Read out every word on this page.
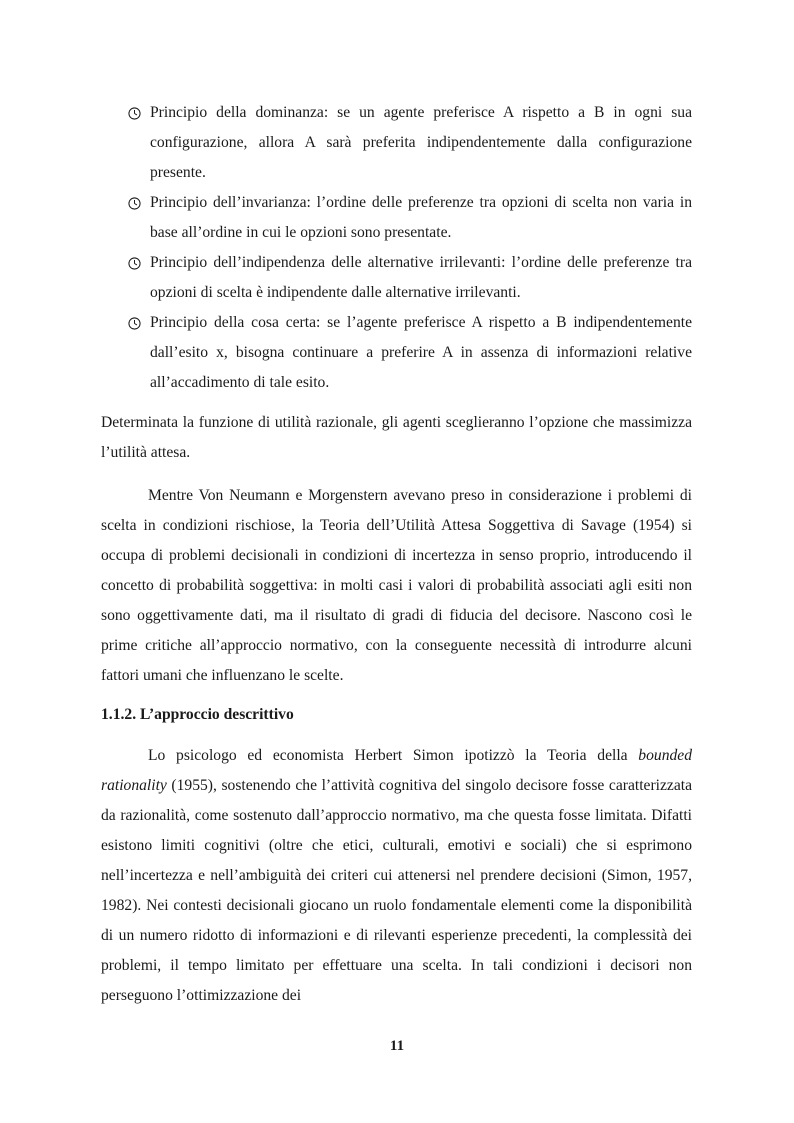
Principio della dominanza: se un agente preferisce A rispetto a B in ogni sua configurazione, allora A sarà preferita indipendentemente dalla configurazione presente.
Principio dell’invarianza: l’ordine delle preferenze tra opzioni di scelta non varia in base all’ordine in cui le opzioni sono presentate.
Principio dell’indipendenza delle alternative irrilevanti: l’ordine delle preferenze tra opzioni di scelta è indipendente dalle alternative irrilevanti.
Principio della cosa certa: se l’agente preferisce A rispetto a B indipendentemente dall’esito x, bisogna continuare a preferire A in assenza di informazioni relative all’accadimento di tale esito.

Determinata la funzione di utilità razionale, gli agenti sceglieranno l’opzione che massimizza l’utilità attesa.

Mentre Von Neumann e Morgenstern avevano preso in considerazione i problemi di scelta in condizioni rischiose, la Teoria dell’Utilità Attesa Soggettiva di Savage (1954) si occupa di problemi decisionali in condizioni di incertezza in senso proprio, introducendo il concetto di probabilità soggettiva: in molti casi i valori di probabilità associati agli esiti non sono oggettivamente dati, ma il risultato di gradi di fiducia del decisore. Nascono così le prime critiche all’approccio normativo, con la conseguente necessità di introdurre alcuni fattori umani che influenzano le scelte.

1.1.2. L’approccio descrittivo

Lo psicologo ed economista Herbert Simon ipotizzò la Teoria della bounded rationality (1955), sostenendo che l’attività cognitiva del singolo decisore fosse caratterizzata da razionalità, come sostenuto dall’approccio normativo, ma che questa fosse limitata. Difatti esistono limiti cognitivi (oltre che etici, culturali, emotivi e sociali) che si esprimono nell’incertezza e nell’ambiguità dei criteri cui attenersi nel prendere decisioni (Simon, 1957, 1982). Nei contesti decisionali giocano un ruolo fondamentale elementi come la disponibilità di un numero ridotto di informazioni e di rilevanti esperienze precedenti, la complessità dei problemi, il tempo limitato per effettuare una scelta. In tali condizioni i decisori non perseguono l’ottimizzazione dei

11
